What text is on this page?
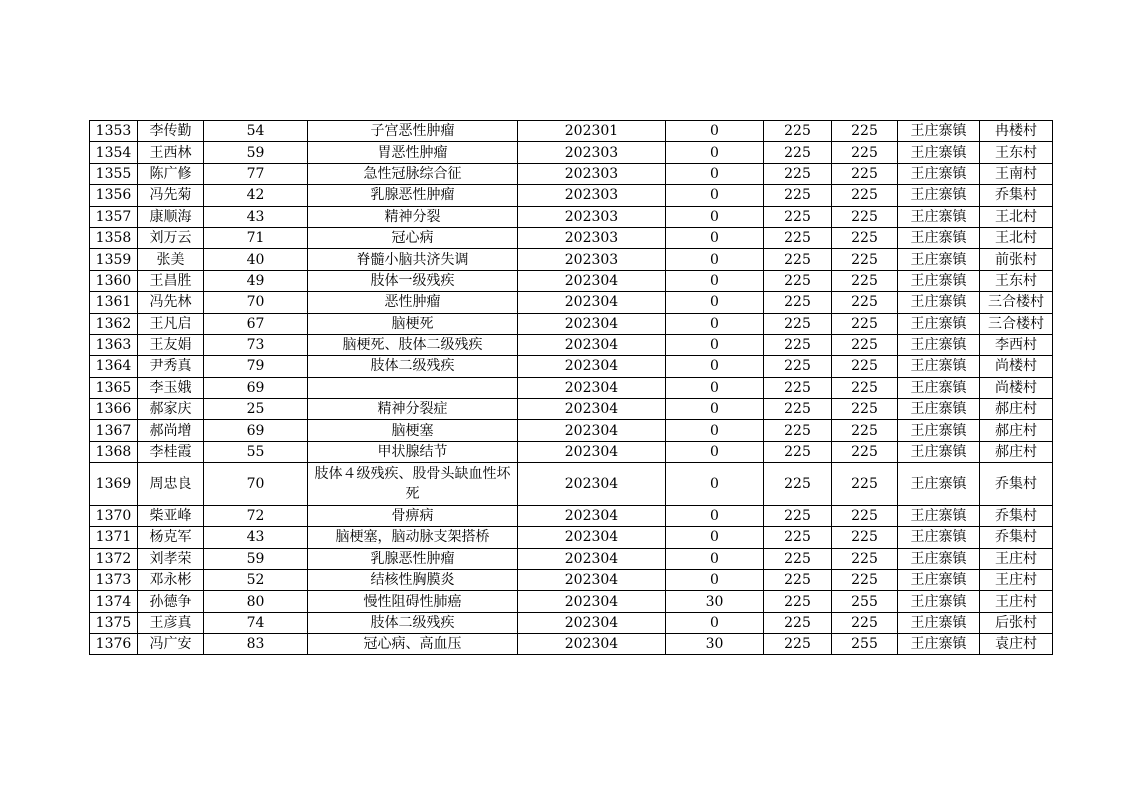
1353	李传勤	54	子宫恶性肿瘤	202301	0	225	225	王庄寨镇	冉楼村
1354	王西林	59	胃恶性肿瘤	202303	0	225	225	王庄寨镇	王东村
1355	陈广修	77	急性冠脉综合征	202303	0	225	225	王庄寨镇	王南村
1356	冯先菊	42	乳腺恶性肿瘤	202303	0	225	225	王庄寨镇	乔集村
1357	康顺海	43	精神分裂	202303	0	225	225	王庄寨镇	王北村
1358	刘万云	71	冠心病	202303	0	225	225	王庄寨镇	王北村
1359	张美	40	脊髓小脑共济失调	202303	0	225	225	王庄寨镇	前张村
1360	王昌胜	49	肢体一级残疾	202304	0	225	225	王庄寨镇	王东村
1361	冯先林	70	恶性肿瘤	202304	0	225	225	王庄寨镇	三合楼村
1362	王凡启	67	脑梗死	202304	0	225	225	王庄寨镇	三合楼村
1363	王友娟	73	脑梗死、肢体二级残疾	202304	0	225	225	王庄寨镇	李西村
1364	尹秀真	79	肢体二级残疾	202304	0	225	225	王庄寨镇	尚楼村
1365	李玉娥	69		202304	0	225	225	王庄寨镇	尚楼村
1366	郝家庆	25	精神分裂症	202304	0	225	225	王庄寨镇	郝庄村
1367	郝尚增	69	脑梗塞	202304	0	225	225	王庄寨镇	郝庄村
1368	李桂霞	55	甲状腺结节	202304	0	225	225	王庄寨镇	郝庄村
1369	周忠良	70	肢体４级残疾、股骨头缺血性坏死	202304	0	225	225	王庄寨镇	乔集村
1370	柴亚峰	72	骨痹病	202304	0	225	225	王庄寨镇	乔集村
1371	杨克军	43	脑梗塞，脑动脉支架搭桥	202304	0	225	225	王庄寨镇	乔集村
1372	刘孝荣	59	乳腺恶性肿瘤	202304	0	225	225	王庄寨镇	王庄村
1373	邓永彬	52	结核性胸膜炎	202304	0	225	225	王庄寨镇	王庄村
1374	孙德争	80	慢性阻碍性肺癌	202304	30	225	255	王庄寨镇	王庄村
1375	王彦真	74	肢体二级残疾	202304	0	225	225	王庄寨镇	后张村
1376	冯广安	83	冠心病、高血压	202304	30	225	255	王庄寨镇	袁庄村
